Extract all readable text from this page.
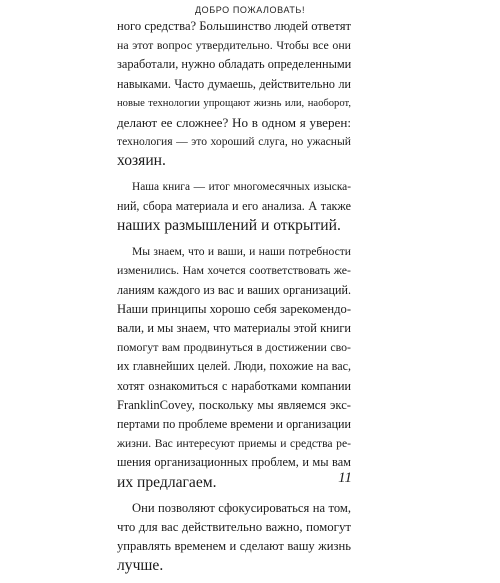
ДОБРО ПОЖАЛОВАТЬ!
ного средства? Большинство людей ответят
на этот вопрос утвердительно. Чтобы все они
заработали, нужно обладать определенными
навыками. Часто думаешь, действительно ли
новые технологии упрощают жизнь или, наоборот,
делают ее сложнее? Но в одном я уверен:
технология — это хороший слуга, но ужасный
хозяин.
Наша книга — итог многомесячных изыска-
ний, сбора материала и его анализа. А также
наших размышлений и открытий.
Мы знаем, что и ваши, и наши потребности
изменились. Нам хочется соответствовать же-
ланиям каждого из вас и ваших организаций.
Наши принципы хорошо себя зарекомендо-
вали, и мы знаем, что материалы этой книги
помогут вам продвинуться в достижении сво-
их главнейших целей. Люди, похожие на вас,
хотят ознакомиться с наработками компании
FranklinCovey, поскольку мы являемся экс-
пертами по проблеме времени и организации
жизни. Вас интересуют приемы и средства ре-
шения организационных проблем, и мы вам
их предлагаем.
Они позволяют сфокусироваться на том,
что для вас действительно важно, помогут
управлять временем и сделают вашу жизнь
лучше.
11
